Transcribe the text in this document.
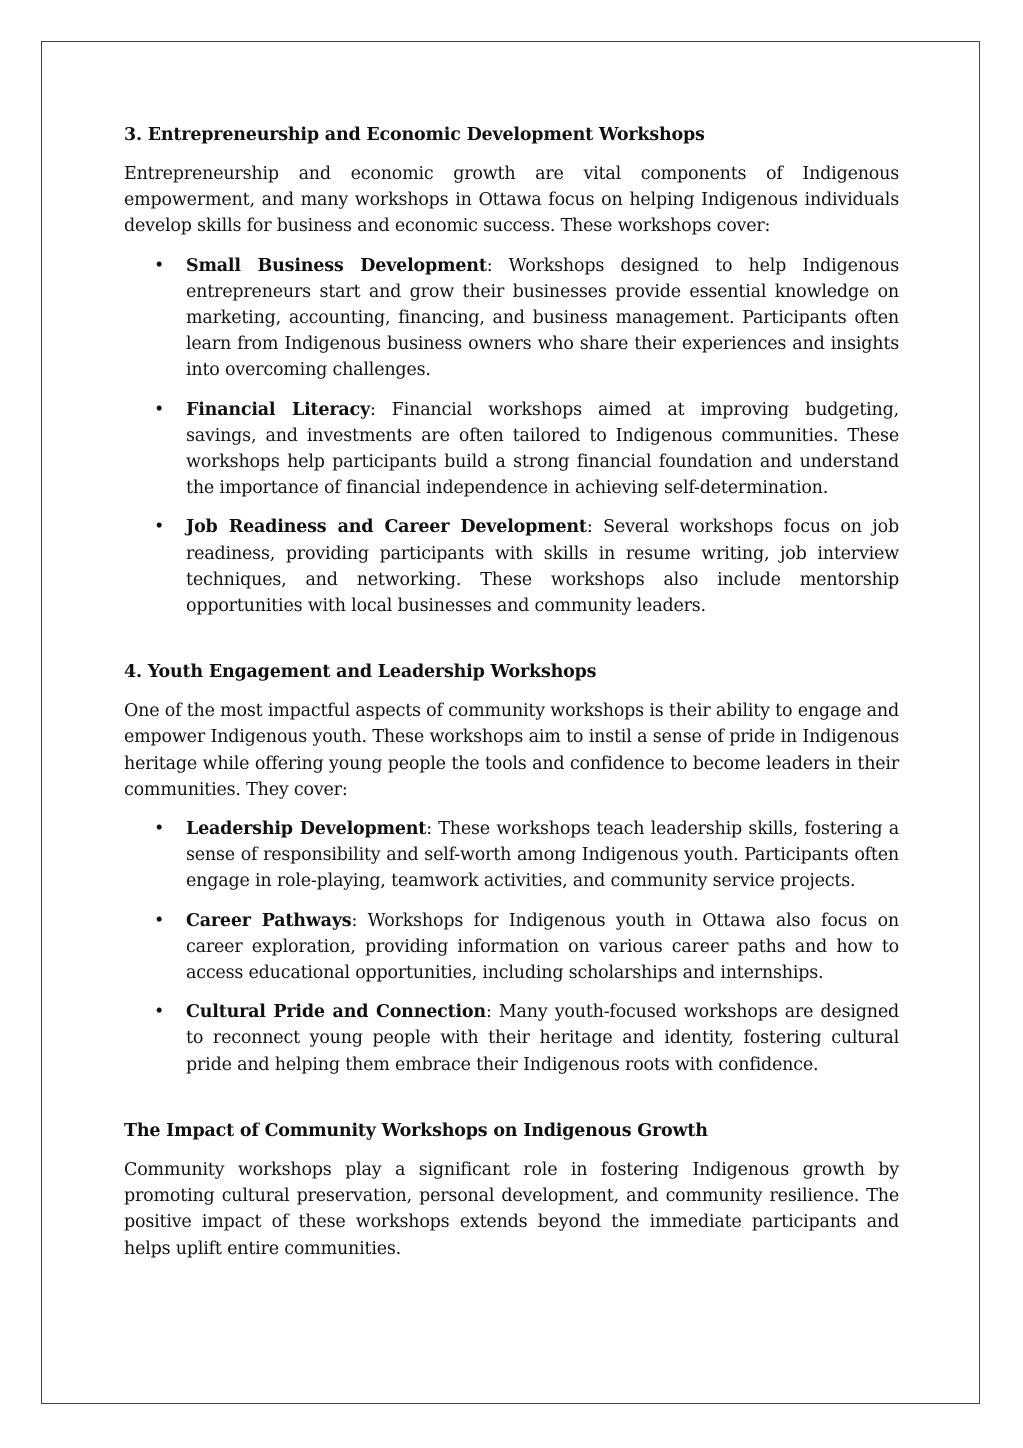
3. Entrepreneurship and Economic Development Workshops

Entrepreneurship and economic growth are vital components of Indigenous empowerment, and many workshops in Ottawa focus on helping Indigenous individuals develop skills for business and economic success. These workshops cover:

• Small Business Development: Workshops designed to help Indigenous entrepreneurs start and grow their businesses provide essential knowledge on marketing, accounting, financing, and business management. Participants often learn from Indigenous business owners who share their experiences and insights into overcoming challenges.
• Financial Literacy: Financial workshops aimed at improving budgeting, savings, and investments are often tailored to Indigenous communities. These workshops help participants build a strong financial foundation and understand the importance of financial independence in achieving self-determination.
• Job Readiness and Career Development: Several workshops focus on job readiness, providing participants with skills in resume writing, job interview techniques, and networking. These workshops also include mentorship opportunities with local businesses and community leaders.
4. Youth Engagement and Leadership Workshops

One of the most impactful aspects of community workshops is their ability to engage and empower Indigenous youth. These workshops aim to instil a sense of pride in Indigenous heritage while offering young people the tools and confidence to become leaders in their communities. They cover:

• Leadership Development: These workshops teach leadership skills, fostering a sense of responsibility and self-worth among Indigenous youth. Participants often engage in role-playing, teamwork activities, and community service projects.
• Career Pathways: Workshops for Indigenous youth in Ottawa also focus on career exploration, providing information on various career paths and how to access educational opportunities, including scholarships and internships.
• Cultural Pride and Connection: Many youth-focused workshops are designed to reconnect young people with their heritage and identity, fostering cultural pride and helping them embrace their Indigenous roots with confidence.
The Impact of Community Workshops on Indigenous Growth

Community workshops play a significant role in fostering Indigenous growth by promoting cultural preservation, personal development, and community resilience. The positive impact of these workshops extends beyond the immediate participants and helps uplift entire communities.
